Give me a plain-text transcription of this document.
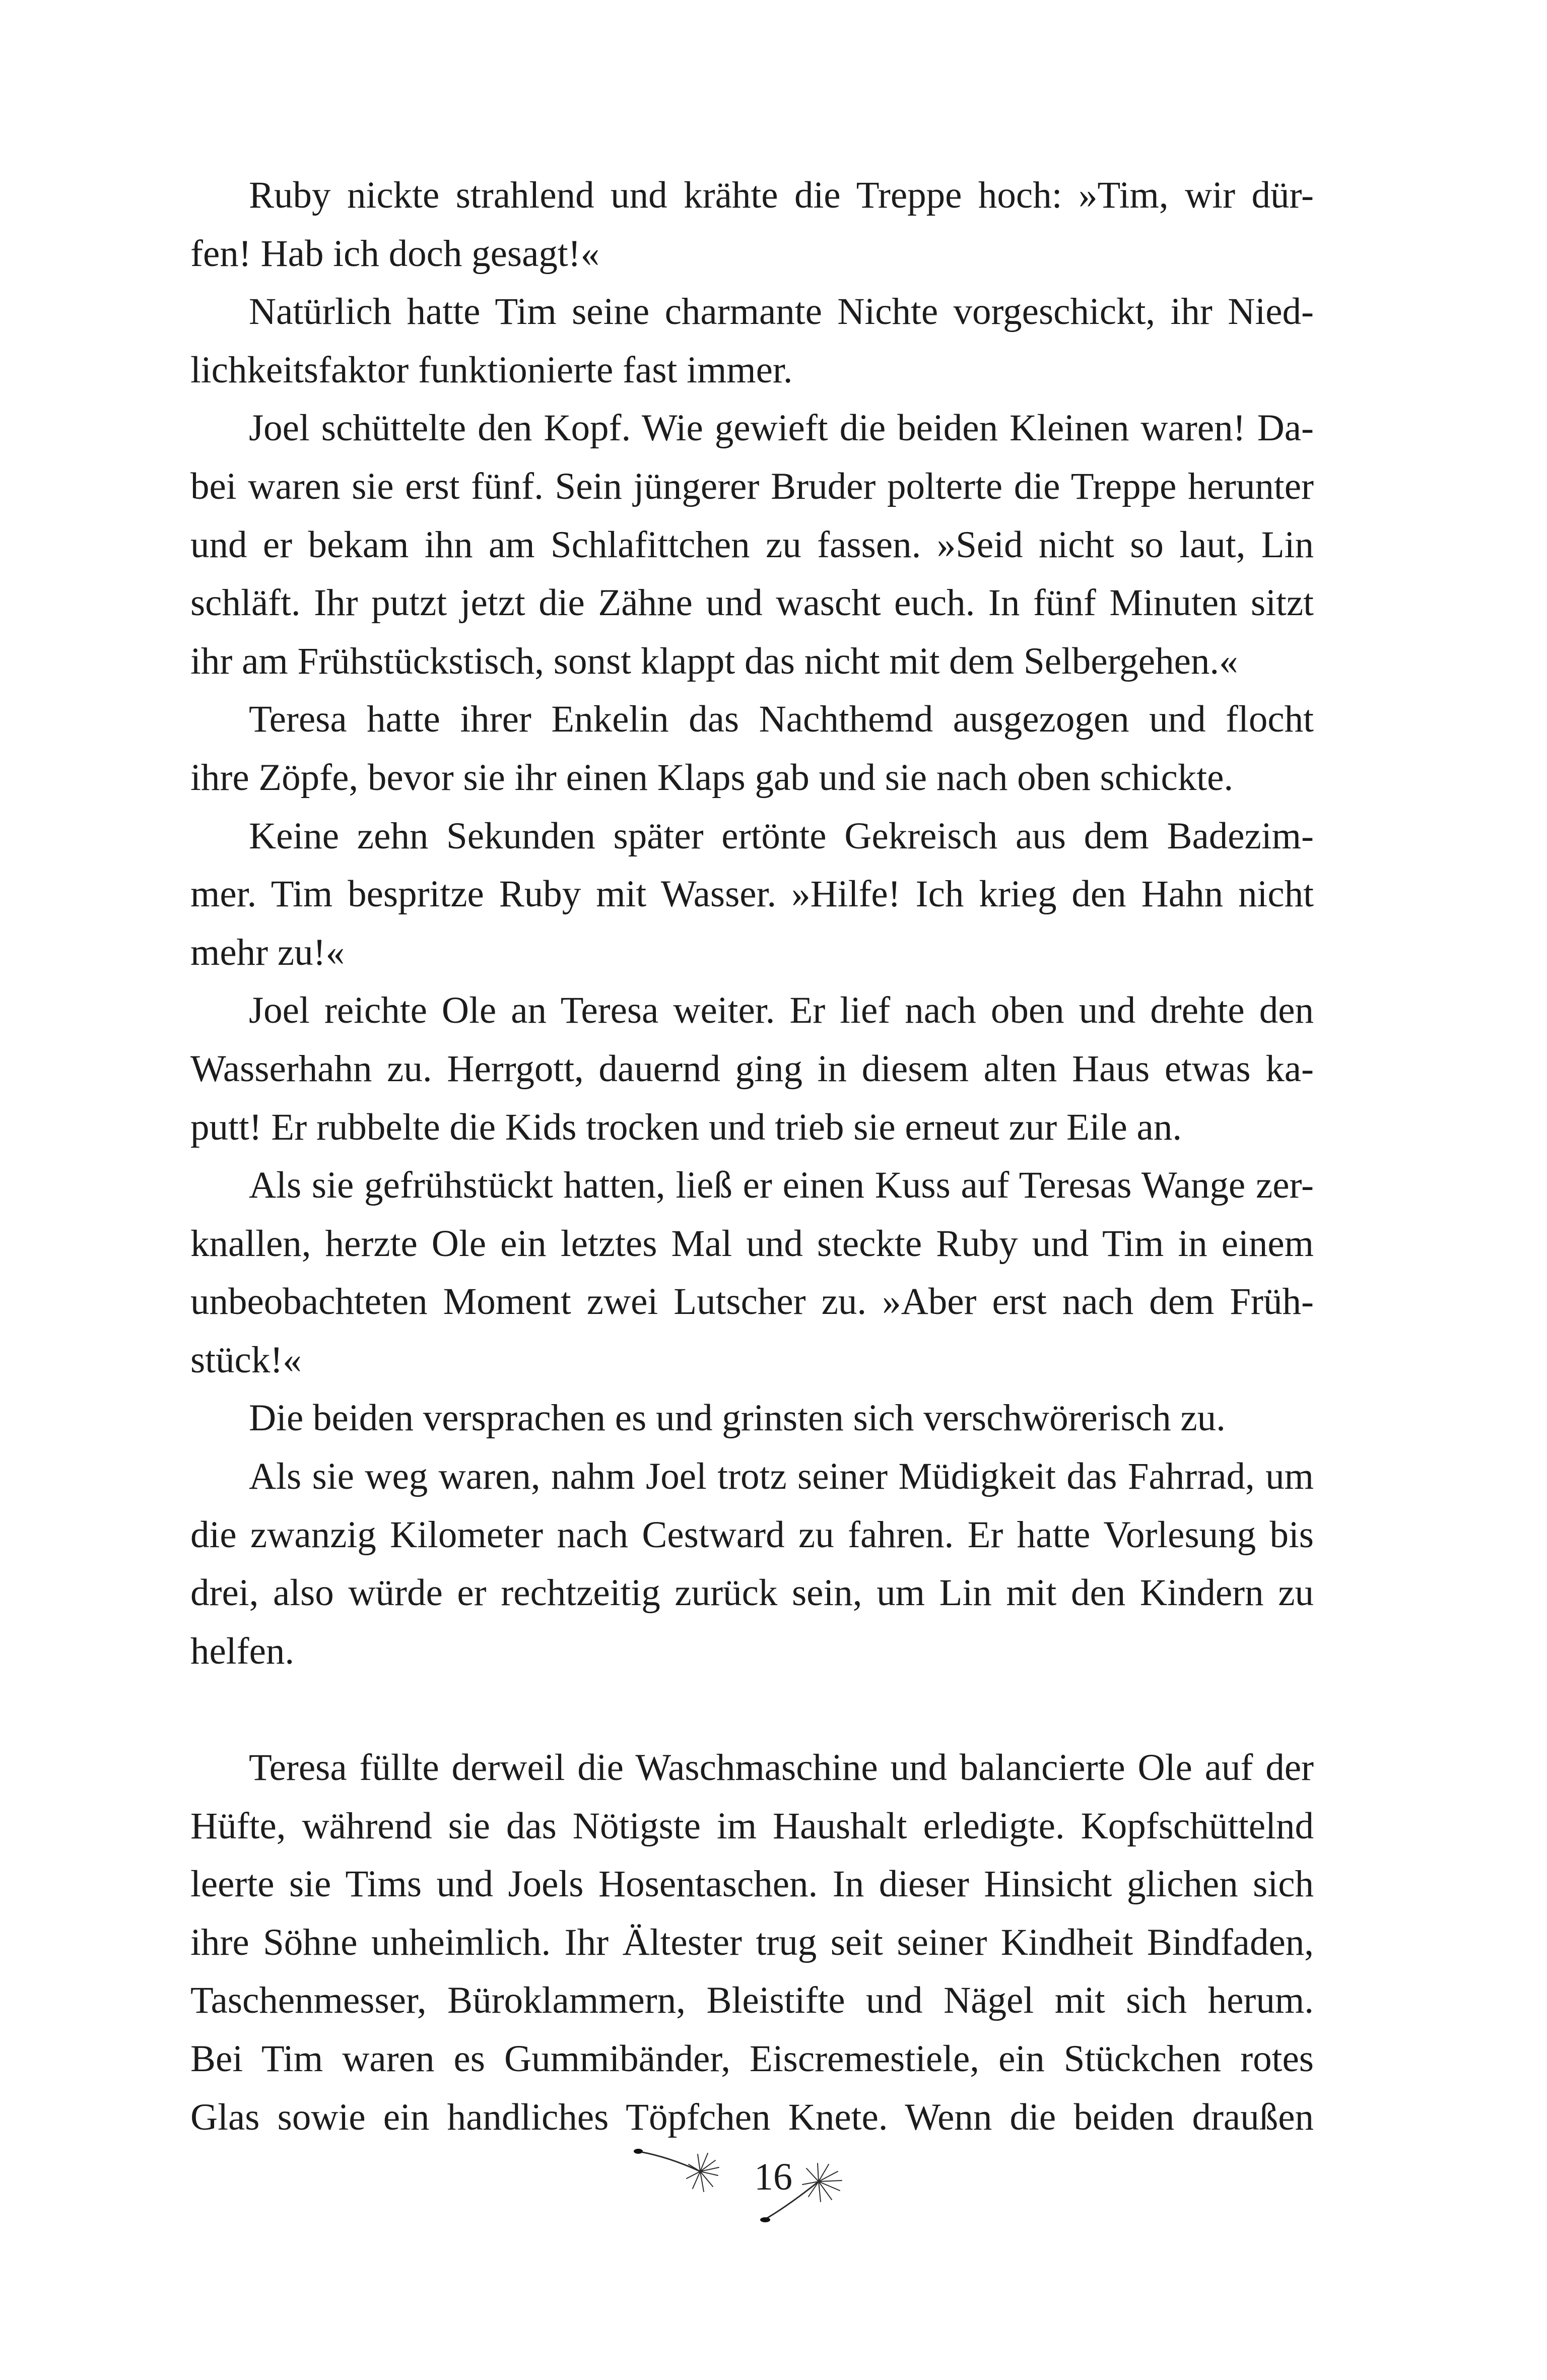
Ruby nickte strahlend und krähte die Treppe hoch: »Tim, wir dür-
fen! Hab ich doch gesagt!«
Natürlich hatte Tim seine charmante Nichte vorgeschickt, ihr Nied-
lichkeitsfaktor funktionierte fast immer.
Joel schüttelte den Kopf. Wie gewieft die beiden Kleinen waren! Da-
bei waren sie erst fünf. Sein jüngerer Bruder polterte die Treppe herunter
und er bekam ihn am Schlafittchen zu fassen. »Seid nicht so laut, Lin
schläft. Ihr putzt jetzt die Zähne und wascht euch. In fünf Minuten sitzt
ihr am Frühstückstisch, sonst klappt das nicht mit dem Selbergehen.«
Teresa hatte ihrer Enkelin das Nachthemd ausgezogen und flocht
ihre Zöpfe, bevor sie ihr einen Klaps gab und sie nach oben schickte.
Keine zehn Sekunden später ertönte Gekreisch aus dem Badezim-
mer. Tim bespritze Ruby mit Wasser. »Hilfe! Ich krieg den Hahn nicht
mehr zu!«
Joel reichte Ole an Teresa weiter. Er lief nach oben und drehte den
Wasserhahn zu. Herrgott, dauernd ging in diesem alten Haus etwas ka-
putt! Er rubbelte die Kids trocken und trieb sie erneut zur Eile an.
Als sie gefrühstückt hatten, ließ er einen Kuss auf Teresas Wange zer-
knallen, herzte Ole ein letztes Mal und steckte Ruby und Tim in einem
unbeobachteten Moment zwei Lutscher zu. »Aber erst nach dem Früh-
stück!«
Die beiden versprachen es und grinsten sich verschwörerisch zu.
Als sie weg waren, nahm Joel trotz seiner Müdigkeit das Fahrrad, um
die zwanzig Kilometer nach Cestward zu fahren. Er hatte Vorlesung bis
drei, also würde er rechtzeitig zurück sein, um Lin mit den Kindern zu
helfen.
Teresa füllte derweil die Waschmaschine und balancierte Ole auf der
Hüfte, während sie das Nötigste im Haushalt erledigte. Kopfschüttelnd
leerte sie Tims und Joels Hosentaschen. In dieser Hinsicht glichen sich
ihre Söhne unheimlich. Ihr Ältester trug seit seiner Kindheit Bindfaden,
Taschenmesser, Büroklammern, Bleistifte und Nägel mit sich herum.
Bei Tim waren es Gummibänder, Eiscremestiele, ein Stückchen rotes
Glas sowie ein handliches Töpfchen Knete. Wenn die beiden draußen
16
